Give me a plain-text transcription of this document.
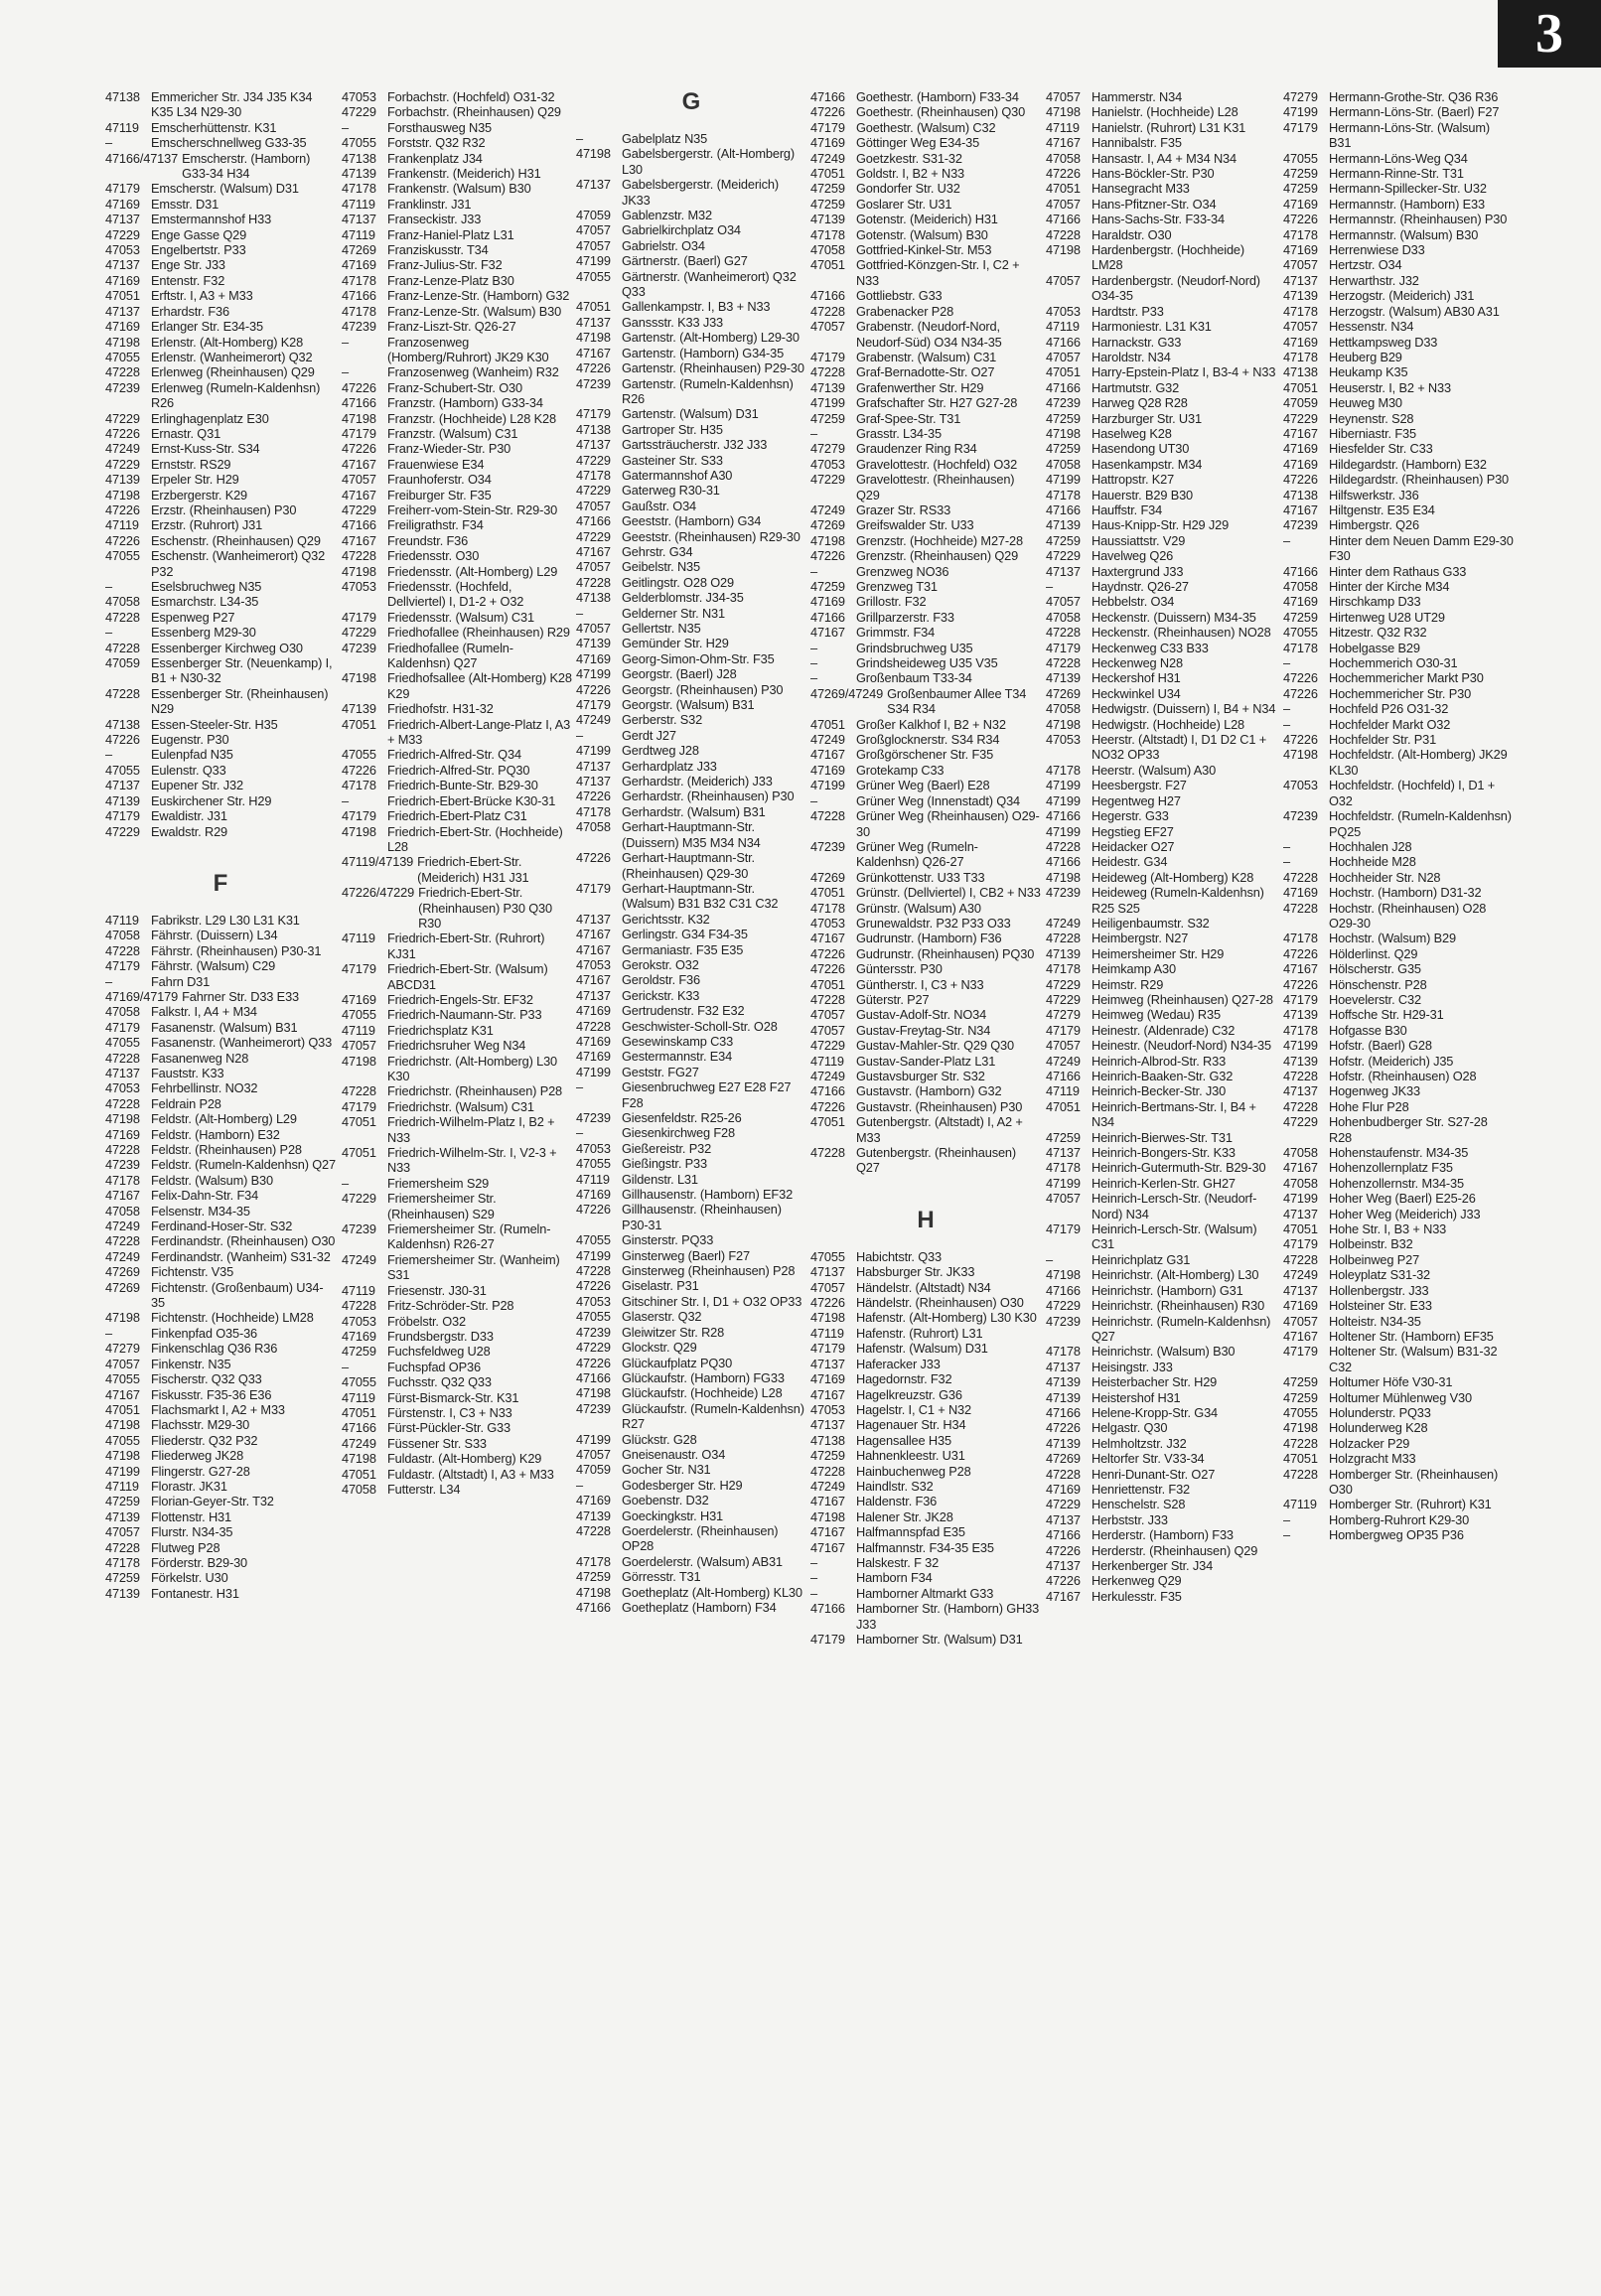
3
47138 Emmericher Str. J34 J35 K34 K35 L34 N29-30
47119 Emscherhüttenstr. K31
–	Emscherschnellweg G33-35
47166/47137 Emscherstr. (Hamborn) G33-34 H34
47179 Emscherstr. (Walsum) D31
47169 Emsstr. D31
47137 Emstermannshof H33
47229 Enge Gasse Q29
47053 Engelbertstr. P33
47137 Enge Str. J33
47169 Entenstr. F32
47051 Erftstr. I, A3 + M33
47137 Erhardstr. F36
47169 Erlanger Str. E34-35
47198 Erlenstr. (Alt-Homberg) K28
47055 Erlenstr. (Wanheimerort) Q32
47228 Erlenweg (Rheinhausen) Q29
47239 Erlenweg (Rumeln-Kaldenhsn) R26
47229 Erlinghagenplatz E30
47226 Ernastr. Q31
47249 Ernst-Kuss-Str. S34
47229 Ernststr. RS29
47139 Erpeler Str. H29
47198 Erzbergerstr. K29
47226 Erzstr. (Rheinhausen) P30
47119 Erzstr. (Ruhrort) J31
47226 Eschenstr. (Rheinhausen) Q29
47055 Eschenstr. (Wanheimerort) Q32 P32
–	Eselsbruchweg N35
47058 Esmarchstr. L34-35
47228 Espenweg P27
–	Essenberg M29-30
47228 Essenberger Kirchweg O30
47059 Essenberger Str. (Neuenkamp) I, B1 + N30-32
47228 Essenberger Str. (Rheinhausen) N29
47138 Essen-Steeler-Str. H35
47226 Eugenstr. P30
–	Eulenpfad N35
47055 Eulenstr. Q33
47137 Eupener Str. J32
47139 Euskirchener Str. H29
47179 Ewaldistr. J31
47229 Ewaldstr. R29
F
47119 Fabrikstr. L29 L30 L31 K31
47058 Fährstr. (Duissern) L34
47228 Fährstr. (Rheinhausen) P30-31
47179 Fährstr. (Walsum) C29
–	Fahrn D31
47169/47179 Fahrner Str. D33 E33
47058 Falkstr. I, A4 + M34
47179 Fasanenstr. (Walsum) B31
47055 Fasanenstr. (Wanheimerort) Q33
47228 Fasanenweg N28
47137 Fauststr. K33
47053 Fehrbellinstr. NO32
47228 Feldrain P28
47198 Feldstr. (Alt-Homberg) L29
47169 Feldstr. (Hamborn) E32
47228 Feldstr. (Rheinhausen) P28
47239 Feldstr. (Rumeln-Kaldenhsn) Q27
47178 Feldstr. (Walsum) B30
47167 Felix-Dahn-Str. F34
47058 Felsenstr. M34-35
47249 Ferdinand-Hoser-Str. S32
47228 Ferdinandstr. (Rheinhausen) O30
47249 Ferdinandstr. (Wanheim) S31-32
47269 Fichtenstr. V35
47269 Fichtenstr. (Großenbaum) U34-35
47198 Fichtenstr. (Hochheide) LM28
–	Finkenpfad O35-36
47279 Finkenschlag Q36 R36
47057 Finkenstr. N35
47055 Fischerstr. Q32 Q33
47167 Fiskusstr. F35-36 E36
47051 Flachsmarkt I, A2 + M33
47198 Flachsstr. M29-30
47055 Fliederstr. Q32 P32
47198 Fliederweg JK28
47199 Flingerstr. G27-28
47119 Florastr. JK31
47259 Florian-Geyer-Str. T32
47139 Flottenstr. H31
47057 Flurstr. N34-35
47228 Flutweg P28
47178 Förderstr. B29-30
47259 Förkelstr. U30
47139 Fontanestr. H31
47053 Forbachstr. (Hochfeld) O31-32
47229 Forbachstr. (Rheinhausen) Q29
–	Forsthausweg N35
47055 Forststr. Q32 R32
47138 Frankenplatz J34
47139 Frankenstr. (Meiderich) H31
47178 Frankenstr. (Walsum) B30
47119 Franklinstr. J31
47137 Franseckistr. J33
47119 Franz-Haniel-Platz L31
47269 Franziskusstr. T34
47169 Franz-Julius-Str. F32
47178 Franz-Lenze-Platz B30
47166 Franz-Lenze-Str. (Hamborn) G32
47178 Franz-Lenze-Str. (Walsum) B30
47239 Franz-Liszt-Str. Q26-27
–	Franzosenweg (Homberg/Ruhrort) JK29 K30
–	Franzosenweg (Wanheim) R32
47226 Franz-Schubert-Str. O30
47166 Franzstr. (Hamborn) G33-34
47198 Franzstr. (Hochheide) L28 K28
47179 Franzstr. (Walsum) C31
47226 Franz-Wieder-Str. P30
47167 Frauenwiese E34
47057 Fraunhoferstr. O34
47167 Freiburger Str. F35
47229 Freiherr-vom-Stein-Str. R29-30
47166 Freiligrathstr. F34
47167 Freundstr. F36
47228 Friedensstr. O30
47198 Friedensstr. (Alt-Homberg) L29
47053 Friedensstr. (Hochfeld, Dellviertel) I, D1-2 + O32
47179 Friedensstr. (Walsum) C31
47229 Friedhofallee (Rheinhausen) R29
47239 Friedhofallee (Rumeln-Kaldenhsn) Q27
47198 Friedhofsallee (Alt-Homberg) K28 K29
47139 Friedhofstr. H31-32
47051 Friedrich-Albert-Lange-Platz I, A3 + M33
47055 Friedrich-Alfred-Str. Q34
47226 Friedrich-Alfred-Str. PQ30
47178 Friedrich-Bunte-Str. B29-30
–	Friedrich-Ebert-Brücke K30-31
47179 Friedrich-Ebert-Platz C31
47198 Friedrich-Ebert-Str. (Hochheide) L28
47119/47139 Friedrich-Ebert-Str. (Meiderich) H31 J31
47226/47229 Friedrich-Ebert-Str. (Rheinhausen) P30 Q30 R30
47119 Friedrich-Ebert-Str. (Ruhrort) KJ31
47179 Friedrich-Ebert-Str. (Walsum) ABCD31
47169 Friedrich-Engels-Str. EF32
47055 Friedrich-Naumann-Str. P33
47119 Friedrichsplatz K31
47057 Friedrichsruher Weg N34
47198 Friedrichstr. (Alt-Homberg) L30 K30
47228 Friedrichstr. (Rheinhausen) P28
47179 Friedrichstr. (Walsum) C31
47051 Friedrich-Wilhelm-Platz I, B2 + N33
47051 Friedrich-Wilhelm-Str. I, V2-3 + N33
–	Friemersheim S29
47229 Friemersheimer Str. (Rheinhausen) S29
47239 Friemersheimer Str. (Rumeln-Kaldenhsn) R26-27
47249 Friemersheimer Str. (Wanheim) S31
47119 Friesenstr. J30-31
47228 Fritz-Schröder-Str. P28
47053 Fröbelstr. O32
47169 Frundsbergstr. D33
47259 Fuchsfeldweg U28
–	Fuchspfad OP36
47055 Fuchsstr. Q32 Q33
47119 Fürst-Bismarck-Str. K31
47051 Fürstenstr. I, C3 + N33
47166 Fürst-Pückler-Str. G33
47249 Füssener Str. S33
47198 Fuldastr. (Alt-Homberg) K29
47051 Fuldastr. (Altstadt) I, A3 + M33
47058 Futterstr. L34
G
–	Gabelplatz N35
47198 Gabelsbergerstr. (Alt-Homberg) L30
47137 Gabelsbergerstr. (Meiderich) JK33
47059 Gablenzstr. M32
47057 Gabrielkirchplatz O34
47057 Gabrielstr. O34
47199 Gärtnerstr. (Baerl) G27
47055 Gärtnerstr. (Wanheimerort) Q32 Q33
47051 Gallenkampstr. I, B3 + N33
47137 Ganssstr. K33 J33
47198 Gartenstr. (Alt-Homberg) L29-30
47167 Gartenstr. (Hamborn) G34-35
47226 Gartenstr. (Rheinhausen) P29-30
47239 Gartenstr. (Rumeln-Kaldenhsn) R26
47179 Gartenstr. (Walsum) D31
47138 Gartroper Str. H35
47137 Gartssträucherstr. J32 J33
47229 Gasteiner Str. S33
47178 Gatermannshof A30
47229 Gaterweg R30-31
47057 Gaußstr. O34
47166 Geeststr. (Hamborn) G34
47229 Geeststr. (Rheinhausen) R29-30
47167 Gehrstr. G34
47057 Geibelstr. N35
47228 Geitlingstr. O28 O29
47138 Gelderblomstr. J34-35
–	Gelderner Str. N31
47057 Gellertstr. N35
47139 Gemünder Str. H29
47169 Georg-Simon-Ohm-Str. F35
47199 Georgstr. (Baerl) J28
47226 Georgstr. (Rheinhausen) P30
47179 Georgstr. (Walsum) B31
47249 Gerberstr. S32
–	Gerdt J27
47199 Gerdtweg J28
47137 Gerhardplatz J33
47137 Gerhardstr. (Meiderich) J33
47226 Gerhardstr. (Rheinhausen) P30
47178 Gerhardstr. (Walsum) B31
47058 Gerhart-Hauptmann-Str. (Duissern) M35 M34 N34
47226 Gerhart-Hauptmann-Str. (Rheinhausen) Q29-30
47179 Gerhart-Hauptmann-Str. (Walsum) B31 B32 C31 C32
47137 Gerichtsstr. K32
47167 Gerlingstr. G34 F34-35
47167 Germaniastr. F35 E35
47053 Gerokstr. O32
47167 Geroldstr. F36
47137 Gerickstr. K33
47169 Gertrudenstr. F32 E32
47228 Geschwister-Scholl-Str. O28
47169 Gesewinskamp C33
47169 Gestermannstr. E34
47199 Geststr. FG27
–	Giesenbruchweg E27 E28 F27 F28
47239 Giesenfeldstr. R25-26
–	Giesenkirchweg F28
47053 Gießereistr. P32
47055 Gießingstr. P33
47119 Gildenstr. L31
47169 Gillhausenstr. (Hamborn) EF32
47226 Gillhausenstr. (Rheinhausen) P30-31
47055 Ginsterstr. PQ33
47199 Ginsterweg (Baerl) F27
47228 Ginsterweg (Rheinhausen) P28
47226 Giselastr. P31
47053 Gitschiner Str. I, D1 + O32 OP33
47055 Glaserstr. Q32
47239 Gleiwitzer Str. R28
47229 Glockstr. Q29
47226 Glückaufplatz PQ30
47166 Glückaufstr. (Hamborn) FG33
47198 Glückaufstr. (Hochheide) L28
47239 Glückaufstr. (Rumeln-Kaldenhsn) R27
47199 Glückstr. G28
47057 Gneisenaustr. O34
47059 Gocher Str. N31
–	Godesberger Str. H29
47169 Goebenstr. D32
47139 Goeckingkstr. H31
47228 Goerdelerstr. (Rheinhausen) OP28
47178 Goerdelerstr. (Walsum) AB31
47259 Görresstr. T31
47198 Goetheplatz (Alt-Homberg) KL30
47166 Goetheplatz (Hamborn) F34
47166 Goethestr. (Hamborn) F33-34
47226 Goethestr. (Rheinhausen) Q30
47179 Goethestr. (Walsum) C32
47169 Göttinger Weg E34-35
47249 Goetzkestr. S31-32
47051 Goldstr. I, B2 + N33
47259 Gondorfer Str. U32
47259 Goslarer Str. U31
47139 Gotenstr. (Meiderich) H31
47178 Gotenstr. (Walsum) B30
47058 Gottfried-Kinkel-Str. M53
47051 Gottfried-Könzgen-Str. I, C2 + N33
47166 Gottliebstr. G33
47228 Grabenacker P28
47057 Grabenstr. (Neudorf-Nord, Neudorf-Süd) O34 N34-35
47179 Grabenstr. (Walsum) C31
47228 Graf-Bernadotte-Str. O27
47139 Grafenwerther Str. H29
47199 Grafschafter Str. H27 G27-28
47259 Graf-Spee-Str. T31
–	Grasstr. L34-35
47279 Graudenzer Ring R34
47053 Gravelottestr. (Hochfeld) O32
47229 Gravelottestr. (Rheinhausen) Q29
47249 Grazer Str. RS33
47269 Greifswalder Str. U33
47198 Grenzstr. (Hochheide) M27-28
47226 Grenzstr. (Rheinhausen) Q29
–	Grenzweg NO36
47259 Grenzweg T31
47169 Grillostr. F32
47166 Grillparzerstr. F33
47167 Grimmstr. F34
–	Grindsbruchweg U35
–	Grindsheideweg U35 V35
–	Großenbaum T33-34
47269/47249 Großenbaumer Allee T34 S34 R34
47051 Großer Kalkhof I, B2 + N32
47249 Großglocknerstr. S34 R34
47167 Großgörschener Str. F35
47169 Grotekamp C33
47199 Grüner Weg (Baerl) E28
–	Grüner Weg (Innenstadt) Q34
47228 Grüner Weg (Rheinhausen) O29-30
47239 Grüner Weg (Rumeln-Kaldenhsn) Q26-27
47269 Grünkottenstr. U33 T33
47051 Grünstr. (Dellviertel) I, CB2 + N33
47178 Grünstr. (Walsum) A30
47053 Grunewaldstr. P32 P33 O33
47167 Gudrunstr. (Hamborn) F36
47226 Gudrunstr. (Rheinhausen) PQ30
47226 Güntersstr. P30
47051 Güntherstr. I, C3 + N33
47228 Güterstr. P27
47057 Gustav-Adolf-Str. NO34
47057 Gustav-Freytag-Str. N34
47229 Gustav-Mahler-Str. Q29 Q30
47119 Gustav-Sander-Platz L31
47249 Gustavsburger Str. S32
47166 Gustavstr. (Hamborn) G32
47226 Gustavstr. (Rheinhausen) P30
47051 Gutenbergstr. (Altstadt) I, A2 + M33
47228 Gutenbergstr. (Rheinhausen) Q27
H
47055 Habichtstr. Q33
47137 Habsburger Str. JK33
47057 Händelstr. (Altstadt) N34
47226 Händelstr. (Rheinhausen) O30
47198 Hafenstr. (Alt-Homberg) L30 K30
47119 Hafenstr. (Ruhrort) L31
47179 Hafenstr. (Walsum) D31
47137 Haferacker J33
47169 Hagedornstr. F32
47167 Hagelkreuzstr. G36
47053 Hagelstr. I, C1 + N32
47137 Hagenauer Str. H34
47138 Hagensallee H35
47259 Hahnenkleestr. U31
47228 Hainbuchenweg P28
47249 Haindlstr. S32
47167 Haldenstr. F36
47198 Halener Str. JK28
47167 Halfmannspfad E35
47167 Halfmannstr. F34-35 E35
–	Halskestr. F 32
–	Hamborn F34
–	Hamborner Altmarkt G33
47166 Hamborner Str. (Hamborn) GH33 J33
47179 Hamborner Str. (Walsum) D31
47057 Hammerstr. N34
47198 Hanielstr. (Hochheide) L28
47119 Hanielstr. (Ruhrort) L31 K31
47167 Hannibalstr. F35
47058 Hansastr. I, A4 + M34 N34
47226 Hans-Böckler-Str. P30
47051 Hansegracht M33
47057 Hans-Pfitzner-Str. O34
47166 Hans-Sachs-Str. F33-34
47228 Haraldstr. O30
47198 Hardenbergstr. (Hochheide) LM28
47057 Hardenbergstr. (Neudorf-Nord) O34-35
47053 Hardtstr. P33
47119 Harmoniestr. L31 K31
47166 Harnackstr. G33
47057 Haroldstr. N34
47051 Harry-Epstein-Platz I, B3-4 + N33
47166 Hartmutstr. G32
47239 Harweg Q28 R28
47259 Harzburger Str. U31
47198 Haselweg K28
47259 Hasendong UT30
47058 Hasenkampstr. M34
47199 Hattropstr. K27
47178 Hauerstr. B29 B30
47166 Hauffstr. F34
47139 Haus-Knipp-Str. H29 J29
47259 Haussiattstr. V29
47229 Havelweg Q26
47137 Haxtergrund J33
–	Haydnstr. Q26-27
47057 Hebbelstr. O34
47058 Heckenstr. (Duissern) M34-35
47228 Heckenstr. (Rheinhausen) NO28
47179 Heckenweg C33 B33
47228 Heckenweg N28
47139 Heckershof H31
47269 Heckwinkel U34
47058 Hedwigstr. (Duissern) I, B4 + N34
47198 Hedwigstr. (Hochheide) L28
47053 Heerstr. (Altstadt) I, D1 D2 C1 + NO32 OP33
47178 Heerstr. (Walsum) A30
47199 Heesbergstr. F27
47199 Hegentweg H27
47166 Hegerstr. G33
47199 Hegstieg EF27
47228 Heidacker O27
47166 Heidestr. G34
47198 Heideweg (Alt-Homberg) K28
47239 Heideweg (Rumeln-Kaldenhsn) R25 S25
47249 Heiligenbaumstr. S32
47228 Heimbergstr. N27
47139 Heimersheimer Str. H29
47178 Heimkamp A30
47229 Heimstr. R29
47229 Heimweg (Rheinhausen) Q27-28
47279 Heimweg (Wedau) R35
47179 Heinestr. (Aldenrade) C32
47057 Heinestr. (Neudorf-Nord) N34-35
47249 Heinrich-Albrod-Str. R33
47166 Heinrich-Baaken-Str. G32
47119 Heinrich-Becker-Str. J30
47051 Heinrich-Bertmans-Str. I, B4 + N34
47259 Heinrich-Bierwes-Str. T31
47137 Heinrich-Bongers-Str. K33
47178 Heinrich-Gutermuth-Str. B29-30
47199 Heinrich-Kerlen-Str. GH27
47057 Heinrich-Lersch-Str. (Neudorf-Nord) N34
47179 Heinrich-Lersch-Str. (Walsum) C31
–	Heinrichplatz G31
47198 Heinrichstr. (Alt-Homberg) L30
47166 Heinrichstr. (Hamborn) G31
47229 Heinrichstr. (Rheinhausen) R30
47239 Heinrichstr. (Rumeln-Kaldenhsn) Q27
47178 Heinrichstr. (Walsum) B30
47137 Heisingstr. J33
47139 Heisterbacher Str. H29
47139 Heistershof H31
47166 Helene-Kropp-Str. G34
47226 Helgastr. Q30
47139 Helmholtzstr. J32
47269 Heltorfer Str. V33-34
47228 Henri-Dunant-Str. O27
47169 Henriettenstr. F32
47229 Henschelstr. S28
47137 Herbststr. J33
47166 Herderstr. (Hamborn) F33
47226 Herderstr. (Rheinhausen) Q29
47137 Herkenberger Str. J34
47226 Herkenweg Q29
47167 Herkulesstr. F35
47279 Hermann-Grothe-Str. Q36 R36
47199 Hermann-Löns-Str. (Baerl) F27
47179 Hermann-Löns-Str. (Walsum) B31
47055 Hermann-Löns-Weg Q34
47259 Hermann-Rinne-Str. T31
47259 Hermann-Spillecker-Str. U32
47169 Hermannstr. (Hamborn) E33
47226 Hermannstr. (Rheinhausen) P30
47178 Hermannstr. (Walsum) B30
47169 Herrenwiese D33
47057 Hertzstr. O34
47137 Herwarthstr. J32
47139 Herzogstr. (Meiderich) J31
47178 Herzogstr. (Walsum) AB30 A31
47057 Hessenstr. N34
47169 Hettkampsweg D33
47178 Heuberg B29
47138 Heukamp K35
47051 Heuserstr. I, B2 + N33
47059 Heuweg M30
47229 Heynenstr. S28
47167 Hiberniastr. F35
47169 Hiesfelder Str. C33
47169 Hildegardstr. (Hamborn) E32
47226 Hildegardstr. (Rheinhausen) P30
47138 Hilfswerkstr. J36
47167 Hiltgenstr. E35 E34
47239 Himbergstr. Q26
–	Hinter dem Neuen Damm E29-30 F30
47166 Hinter dem Rathaus G33
47058 Hinter der Kirche M34
47169 Hirschkamp D33
47259 Hirtenweg U28 UT29
47055 Hitzestr. Q32 R32
47178 Hobelgasse B29
–	Hochemmerich O30-31
47226 Hochemmericher Markt P30
47226 Hochemmericher Str. P30
–	Hochfeld P26 O31-32
–	Hochfelder Markt O32
47226 Hochfelder Str. P31
47198 Hochfeldstr. (Alt-Homberg) JK29 KL30
47053 Hochfeldstr. (Hochfeld) I, D1 + O32
47239 Hochfeldstr. (Rumeln-Kaldenhsn) PQ25
–	Hochhalen J28
–	Hochheide M28
47228 Hochheider Str. N28
47169 Hochstr. (Hamborn) D31-32
47228 Hochstr. (Rheinhausen) O28 O29-30
47178 Hochstr. (Walsum) B29
47226 Hölderlinst. Q29
47167 Hölscherstr. G35
47226 Hönschenstr. P28
47179 Hoevelerstr. C32
47139 Hoffsche Str. H29-31
47178 Hofgasse B30
47199 Hofstr. (Baerl) G28
47139 Hofstr. (Meiderich) J35
47228 Hofstr. (Rheinhausen) O28
47137 Hogenweg JK33
47228 Hohe Flur P28
47229 Hohenbudberger Str. S27-28 R28
47058 Hohenstaufenstr. M34-35
47167 Hohenzollernplatz F35
47058 Hohenzollernstr. M34-35
47199 Hoher Weg (Baerl) E25-26
47137 Hoher Weg (Meiderich) J33
47051 Hohe Str. I, B3 + N33
47179 Holbeinstr. B32
47228 Holbeinweg P27
47249 Holeyplatz S31-32
47137 Hollenbergstr. J33
47169 Holsteiner Str. E33
47057 Holteistr. N34-35
47167 Holtener Str. (Hamborn) EF35
47179 Holtener Str. (Walsum) B31-32 C32
47259 Holtumer Höfe V30-31
47259 Holtumer Mühlenweg V30
47055 Holunderstr. PQ33
47198 Holunderweg K28
47228 Holzacker P29
47051 Holzgracht M33
47228 Homberger Str. (Rheinhausen) O30
47119 Homberger Str. (Ruhrort) K31
–	Homberg-Ruhrort K29-30
–	Hombergweg OP35 P36
